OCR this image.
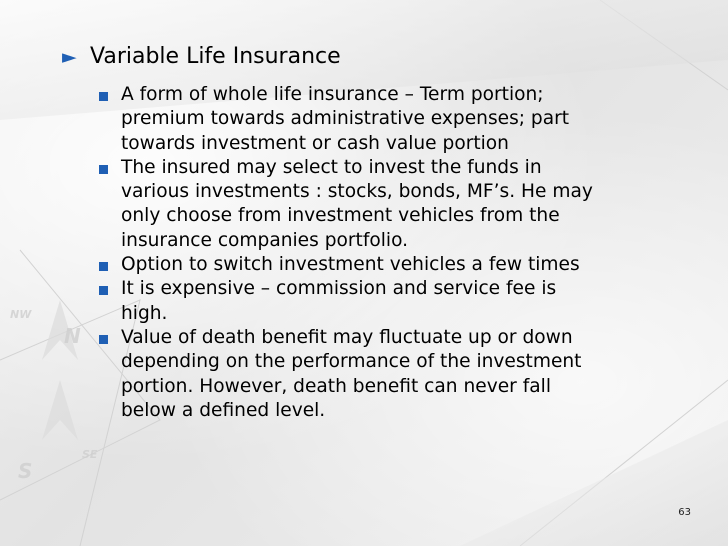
N
S
SE
NW
► Variable Life Insurance
A form of whole life insurance – Term portion;
premium towards administrative expenses; part
towards investment or cash value portion
The insured may select to invest the funds in
various investments : stocks, bonds, MF’s. He may
only choose from investment vehicles from the
insurance companies portfolio.
Option to switch investment vehicles a few times
It is expensive – commission and service fee is
high.
Value of death benefit may fluctuate up or down
depending on the performance of the investment
portion. However, death benefit can never fall
below a defined level.
63
